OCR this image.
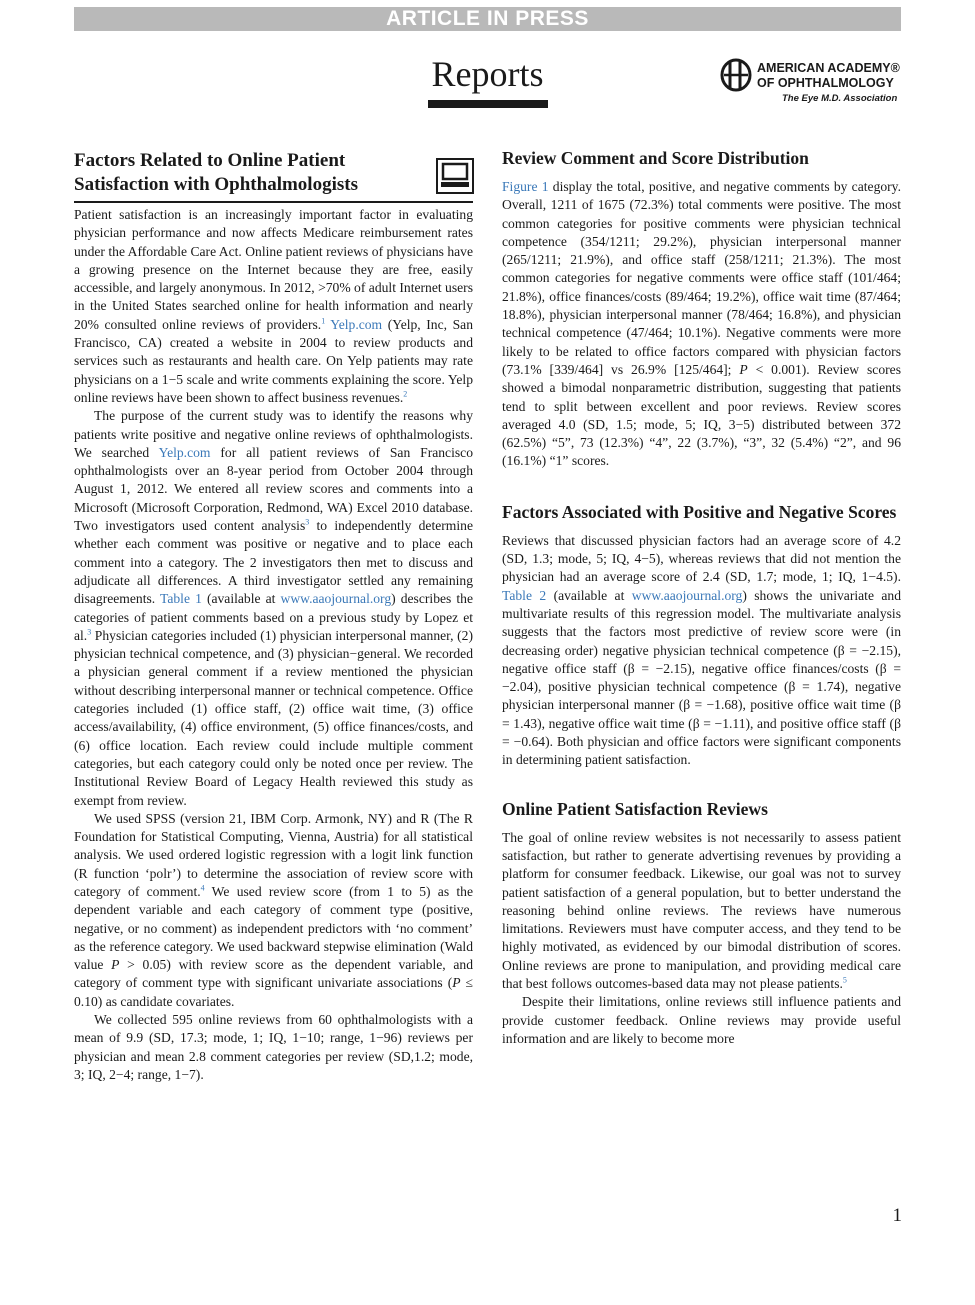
ARTICLE IN PRESS
Reports	AMERICAN ACADEMY®
OF OPHTHALMOLOGY
The Eye M.D. Association
Factors Related to Online Patient Satisfaction with Ophthalmologists

Patient satisfaction is an increasingly important factor in evaluating physician performance and now affects Medicare reimbursement rates under the Affordable Care Act. Online patient reviews of physicians have a growing presence on the Internet because they are free, easily accessible, and largely anonymous. In 2012, >70% of adult Internet users in the United States searched online for health information and nearly 20% consulted online reviews of providers.$^1$ Yelp.com (Yelp, Inc, San Francisco, CA) created a website in 2004 to review products and services such as restaurants and health care. On Yelp patients may rate physicians on a 1−5 scale and write comments explaining the score. Yelp online reviews have been shown to affect business revenues.$^2$

The purpose of the current study was to identify the reasons why patients write positive and negative online reviews of ophthalmologists. We searched Yelp.com for all patient reviews of San Francisco ophthalmologists over an 8-year period from October 2004 through August 1, 2012. We entered all review scores and comments into a Microsoft (Microsoft Corporation, Redmond, WA) Excel 2010 database. Two investigators used content analysis$^3$ to independently determine whether each comment was positive or negative and to place each comment into a category. The 2 investigators then met to discuss and adjudicate all differences. A third investigator settled any remaining disagreements. Table 1 (available at www.aaojournal.org) describes the categories of patient comments based on a previous study by Lopez et al.$^3$ Physician categories included (1) physician interpersonal manner, (2) physician technical competence, and (3) physician−general. We recorded a physician general comment if a review mentioned the physician without describing interpersonal manner or technical competence. Office categories included (1) office staff, (2) office wait time, (3) office access/availability, (4) office environment, (5) office finances/costs, and (6) office location. Each review could include multiple comment categories, but each category could only be noted once per review. The Institutional Review Board of Legacy Health reviewed this study as exempt from review.

We used SPSS (version 21, IBM Corp. Armonk, NY) and R (The R Foundation for Statistical Computing, Vienna, Austria) for all statistical analysis. We used ordered logistic regression with a logit link function (R function ‘polr’) to determine the association of review score with category of comment.$^4$ We used review score (from 1 to 5) as the dependent variable and each category of comment type (positive, negative, or no comment) as independent predictors with ‘no comment’ as the reference category. We used backward stepwise elimination (Wald value P > 0.05) with review score as the dependent variable, and category of comment type with significant univariate associations (P ≤ 0.10) as candidate covariates.

We collected 595 online reviews from 60 ophthalmologists with a mean of 9.9 (SD, 17.3; mode, 1; IQ, 1−10; range, 1−96) reviews per physician and mean 2.8 comment categories per review (SD,1.2; mode, 3; IQ, 2−4; range, 1−7).

Review Comment and Score Distribution

Figure 1 display the total, positive, and negative comments by category. Overall, 1211 of 1675 (72.3%) total comments were positive. The most common categories for positive comments were physician technical competence (354/1211; 29.2%), physician interpersonal manner (265/1211; 21.9%), and office staff (258/1211; 21.3%). The most common categories for negative comments were office staff (101/464; 21.8%), office finances/costs (89/464; 19.2%), office wait time (87/464; 18.8%), physician interpersonal manner (78/464; 16.8%), and physician technical competence (47/464; 10.1%). Negative comments were more likely to be related to office factors compared with physician factors (73.1% [339/464] vs 26.9% [125/464]; P < 0.001). Review scores showed a bimodal nonparametric distribution, suggesting that patients tend to split between excellent and poor reviews. Review scores averaged 4.0 (SD, 1.5; mode, 5; IQ, 3−5) distributed between 372 (62.5%) “5”, 73 (12.3%) “4”, 22 (3.7%), “3”, 32 (5.4%) “2”, and 96 (16.1%) “1” scores.

Factors Associated with Positive and Negative Scores

Reviews that discussed physician factors had an average score of 4.2 (SD, 1.3; mode, 5; IQ, 4−5), whereas reviews that did not mention the physician had an average score of 2.4 (SD, 1.7; mode, 1; IQ, 1−4.5). Table 2 (available at www.aaojournal.org) shows the univariate and multivariate results of this regression model. The multivariate analysis suggests that the factors most predictive of review score were (in decreasing order) negative physician technical competence (β = −2.15), negative office staff (β = −2.15), negative office finances/costs (β = −2.04), positive physician technical competence (β = 1.74), negative physician interpersonal manner (β = −1.68), positive office wait time (β = 1.43), negative office wait time (β = −1.11), and positive office staff (β = −0.64). Both physician and office factors were significant components in determining patient satisfaction.

Online Patient Satisfaction Reviews

The goal of online review websites is not necessarily to assess patient satisfaction, but rather to generate advertising revenues by providing a platform for consumer feedback. Likewise, our goal was not to survey patient satisfaction of a general population, but to better understand the reasoning behind online reviews. The reviews have numerous limitations. Reviewers must have computer access, and they tend to be highly motivated, as evidenced by our bimodal distribution of scores. Online reviews are prone to manipulation, and providing medical care that best follows outcomes-based data may not please patients.$^5$

Despite their limitations, online reviews still influence patients and provide customer feedback. Online reviews may provide useful information and are likely to become more

1
